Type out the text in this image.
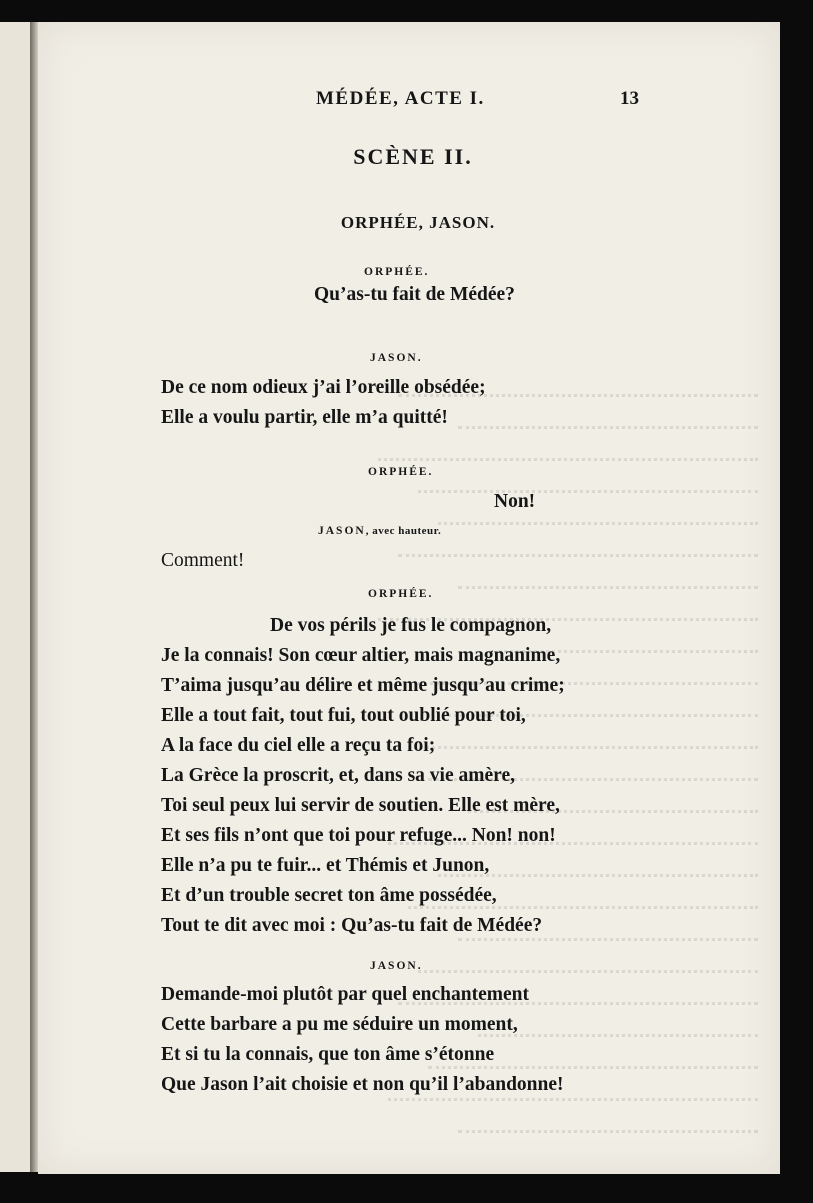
MÉDÉE, ACTE I.	13
SCÈNE II.
ORPHÉE, JASON.
ORPHÉE.
Qu’as-tu fait de Médée?
JASON.
De ce nom odieux j’ai l’oreille obsédée;
Elle a voulu partir, elle m’a quitté!
ORPHÉE.
Non!
JASON, avec hauteur.
Comment!
ORPHÉE.
De vos périls je fus le compagnon,
Je la connais! Son cœur altier, mais magnanime,
T’aima jusqu’au délire et même jusqu’au crime;
Elle a tout fait, tout fui, tout oublié pour toi,
A la face du ciel elle a reçu ta foi;
La Grèce la proscrit, et, dans sa vie amère,
Toi seul peux lui servir de soutien. Elle est mère,
Et ses fils n’ont que toi pour refuge... Non! non!
Elle n’a pu te fuir... et Thémis et Junon,
Et d’un trouble secret ton âme possédée,
Tout te dit avec moi : Qu’as-tu fait de Médée?
JASON.
Demande-moi plutôt par quel enchantement
Cette barbare a pu me séduire un moment,
Et si tu la connais, que ton âme s’étonne
Que Jason l’ait choisie et non qu’il l’abandonne!
